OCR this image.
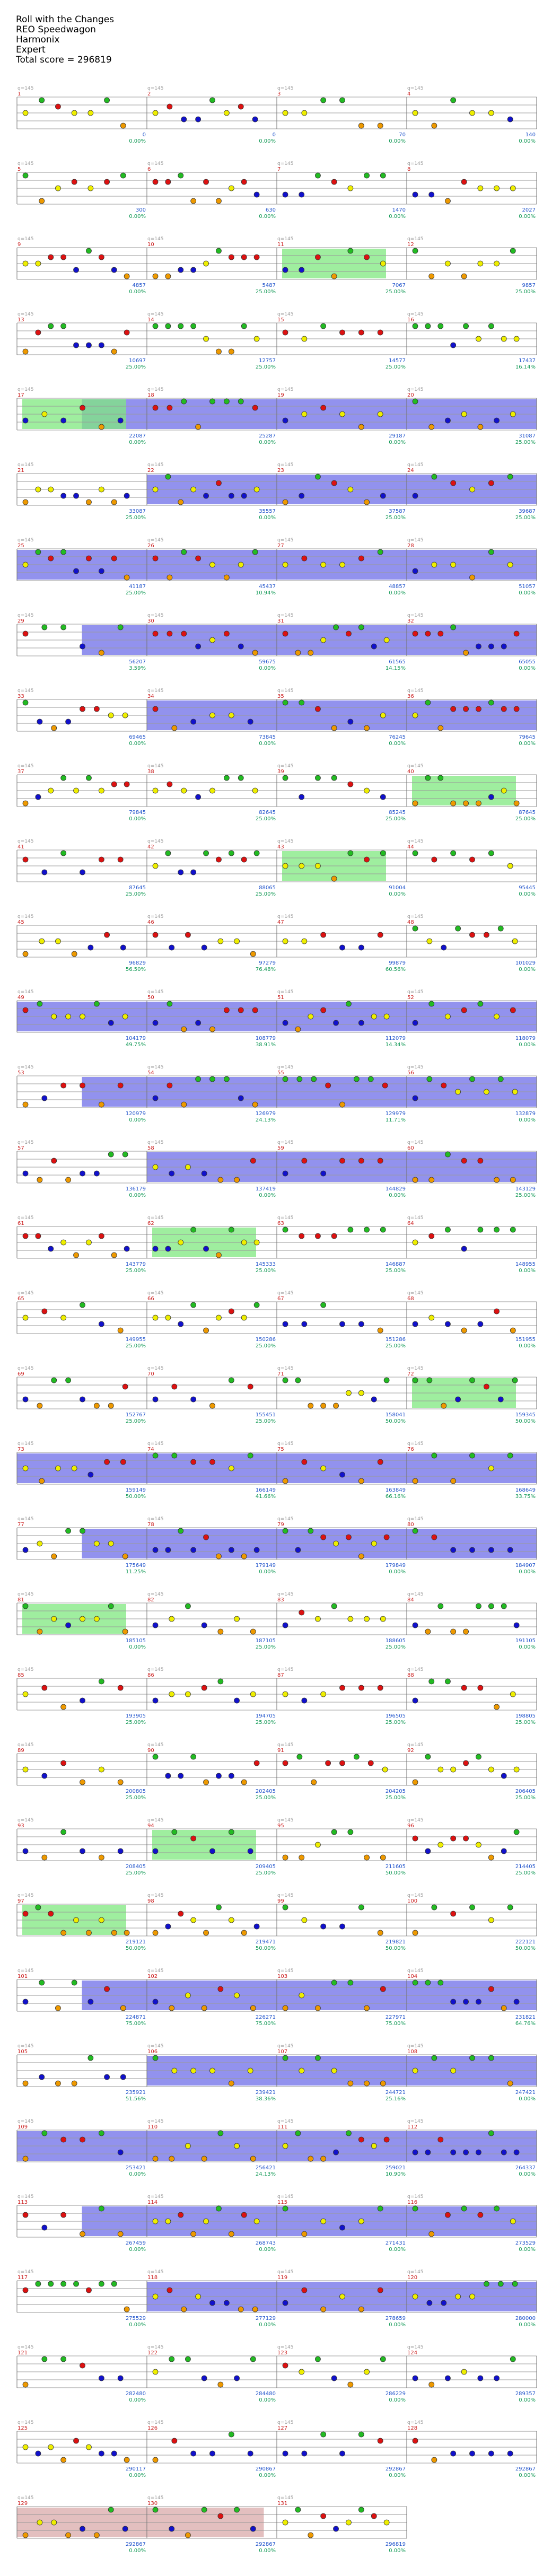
Roll with the Changes
REO Speedwagon
Harmonix
Expert
Total score = 296819
q=145
1
0
0.00%
q=145
2
0
0.00%
q=145
3
70
0.00%
q=145
4
140
0.00%
q=145
5
300
0.00%
q=145
6
630
0.00%
q=145
7
1470
0.00%
q=145
8
2027
0.00%
q=145
9
4857
0.00%
q=145
10
5487
25.00%
q=145
11
7067
25.00%
q=145
12
9857
25.00%
q=145
13
10697
25.00%
q=145
14
12757
25.00%
q=145
15
14577
25.00%
q=145
16
17437
16.14%
q=145
17
22087
0.00%
q=145
18
25287
0.00%
q=145
19
29187
0.00%
q=145
20
31087
25.00%
q=145
21
33087
25.00%
q=145
22
35557
0.00%
q=145
23
37587
25.00%
q=145
24
39687
25.00%
q=145
25
41187
25.00%
q=145
26
45437
10.94%
q=145
27
48857
0.00%
q=145
28
51057
0.00%
q=145
29
56207
3.59%
q=145
30
59675
0.00%
q=145
31
61565
14.15%
q=145
32
65055
0.00%
q=145
33
69465
0.00%
q=145
34
73845
0.00%
q=145
35
76245
0.00%
q=145
36
79645
0.00%
q=145
37
79845
0.00%
q=145
38
82645
25.00%
q=145
39
85245
25.00%
q=145
40
87645
25.00%
q=145
41
87645
25.00%
q=145
42
88065
25.00%
q=145
43
91004
0.00%
q=145
44
95445
0.00%
q=145
45
96829
56.50%
q=145
46
97279
76.48%
q=145
47
99879
60.56%
q=145
48
101029
0.00%
q=145
49
104179
49.75%
q=145
50
108779
38.91%
q=145
51
112079
14.34%
q=145
52
118079
0.00%
q=145
53
120979
0.00%
q=145
54
126979
24.13%
q=145
55
129979
11.71%
q=145
56
132879
0.00%
q=145
57
136179
0.00%
q=145
58
137419
0.00%
q=145
59
144829
0.00%
q=145
60
143129
25.00%
q=145
61
143779
25.00%
q=145
62
145333
25.00%
q=145
63
146887
25.00%
q=145
64
148955
0.00%
q=145
65
149955
25.00%
q=145
66
150286
25.00%
q=145
67
151286
25.00%
q=145
68
151955
0.00%
q=145
69
152767
25.00%
q=145
70
155451
25.00%
q=145
71
158041
50.00%
q=145
72
159345
50.00%
q=145
73
159149
50.00%
q=145
74
166149
41.66%
q=145
75
163849
66.16%
q=145
76
168649
33.75%
q=145
77
175649
11.25%
q=145
78
179149
0.00%
q=145
79
179849
0.00%
q=145
80
184907
0.00%
q=145
81
185105
0.00%
q=145
82
187105
25.00%
q=145
83
188605
25.00%
q=145
84
191105
0.00%
q=145
85
193905
25.00%
q=145
86
194705
25.00%
q=145
87
196505
25.00%
q=145
88
198805
25.00%
q=145
89
200805
25.00%
q=145
90
202405
25.00%
q=145
91
204205
25.00%
q=145
92
206405
25.00%
q=145
93
208405
25.00%
q=145
94
209405
25.00%
q=145
95
211605
50.00%
q=145
96
214405
25.00%
q=145
97
219121
50.00%
q=145
98
219471
50.00%
q=145
99
219821
50.00%
q=145
100
222121
50.00%
q=145
101
224871
75.00%
q=145
102
226271
75.00%
q=145
103
227971
75.00%
q=145
104
231821
64.76%
q=145
105
235921
51.56%
q=145
106
239421
38.36%
q=145
107
244721
25.16%
q=145
108
247421
0.00%
q=145
109
253421
0.00%
q=145
110
256421
24.13%
q=145
111
259021
10.90%
q=145
112
264337
0.00%
q=145
113
267459
0.00%
q=145
114
268743
0.00%
q=145
115
271431
0.00%
q=145
116
273529
0.00%
q=145
117
275529
0.00%
q=145
118
277129
0.00%
q=145
119
278659
0.00%
q=145
120
280000
0.00%
q=145
121
282480
0.00%
q=145
122
284480
0.00%
q=145
123
286229
0.00%
q=145
124
289357
0.00%
q=145
125
290117
0.00%
q=145
126
290867
0.00%
q=145
127
292867
0.00%
q=145
128
292867
0.00%
q=145
129
292867
0.00%
q=145
130
292867
0.00%
q=145
131
296819
0.00%
